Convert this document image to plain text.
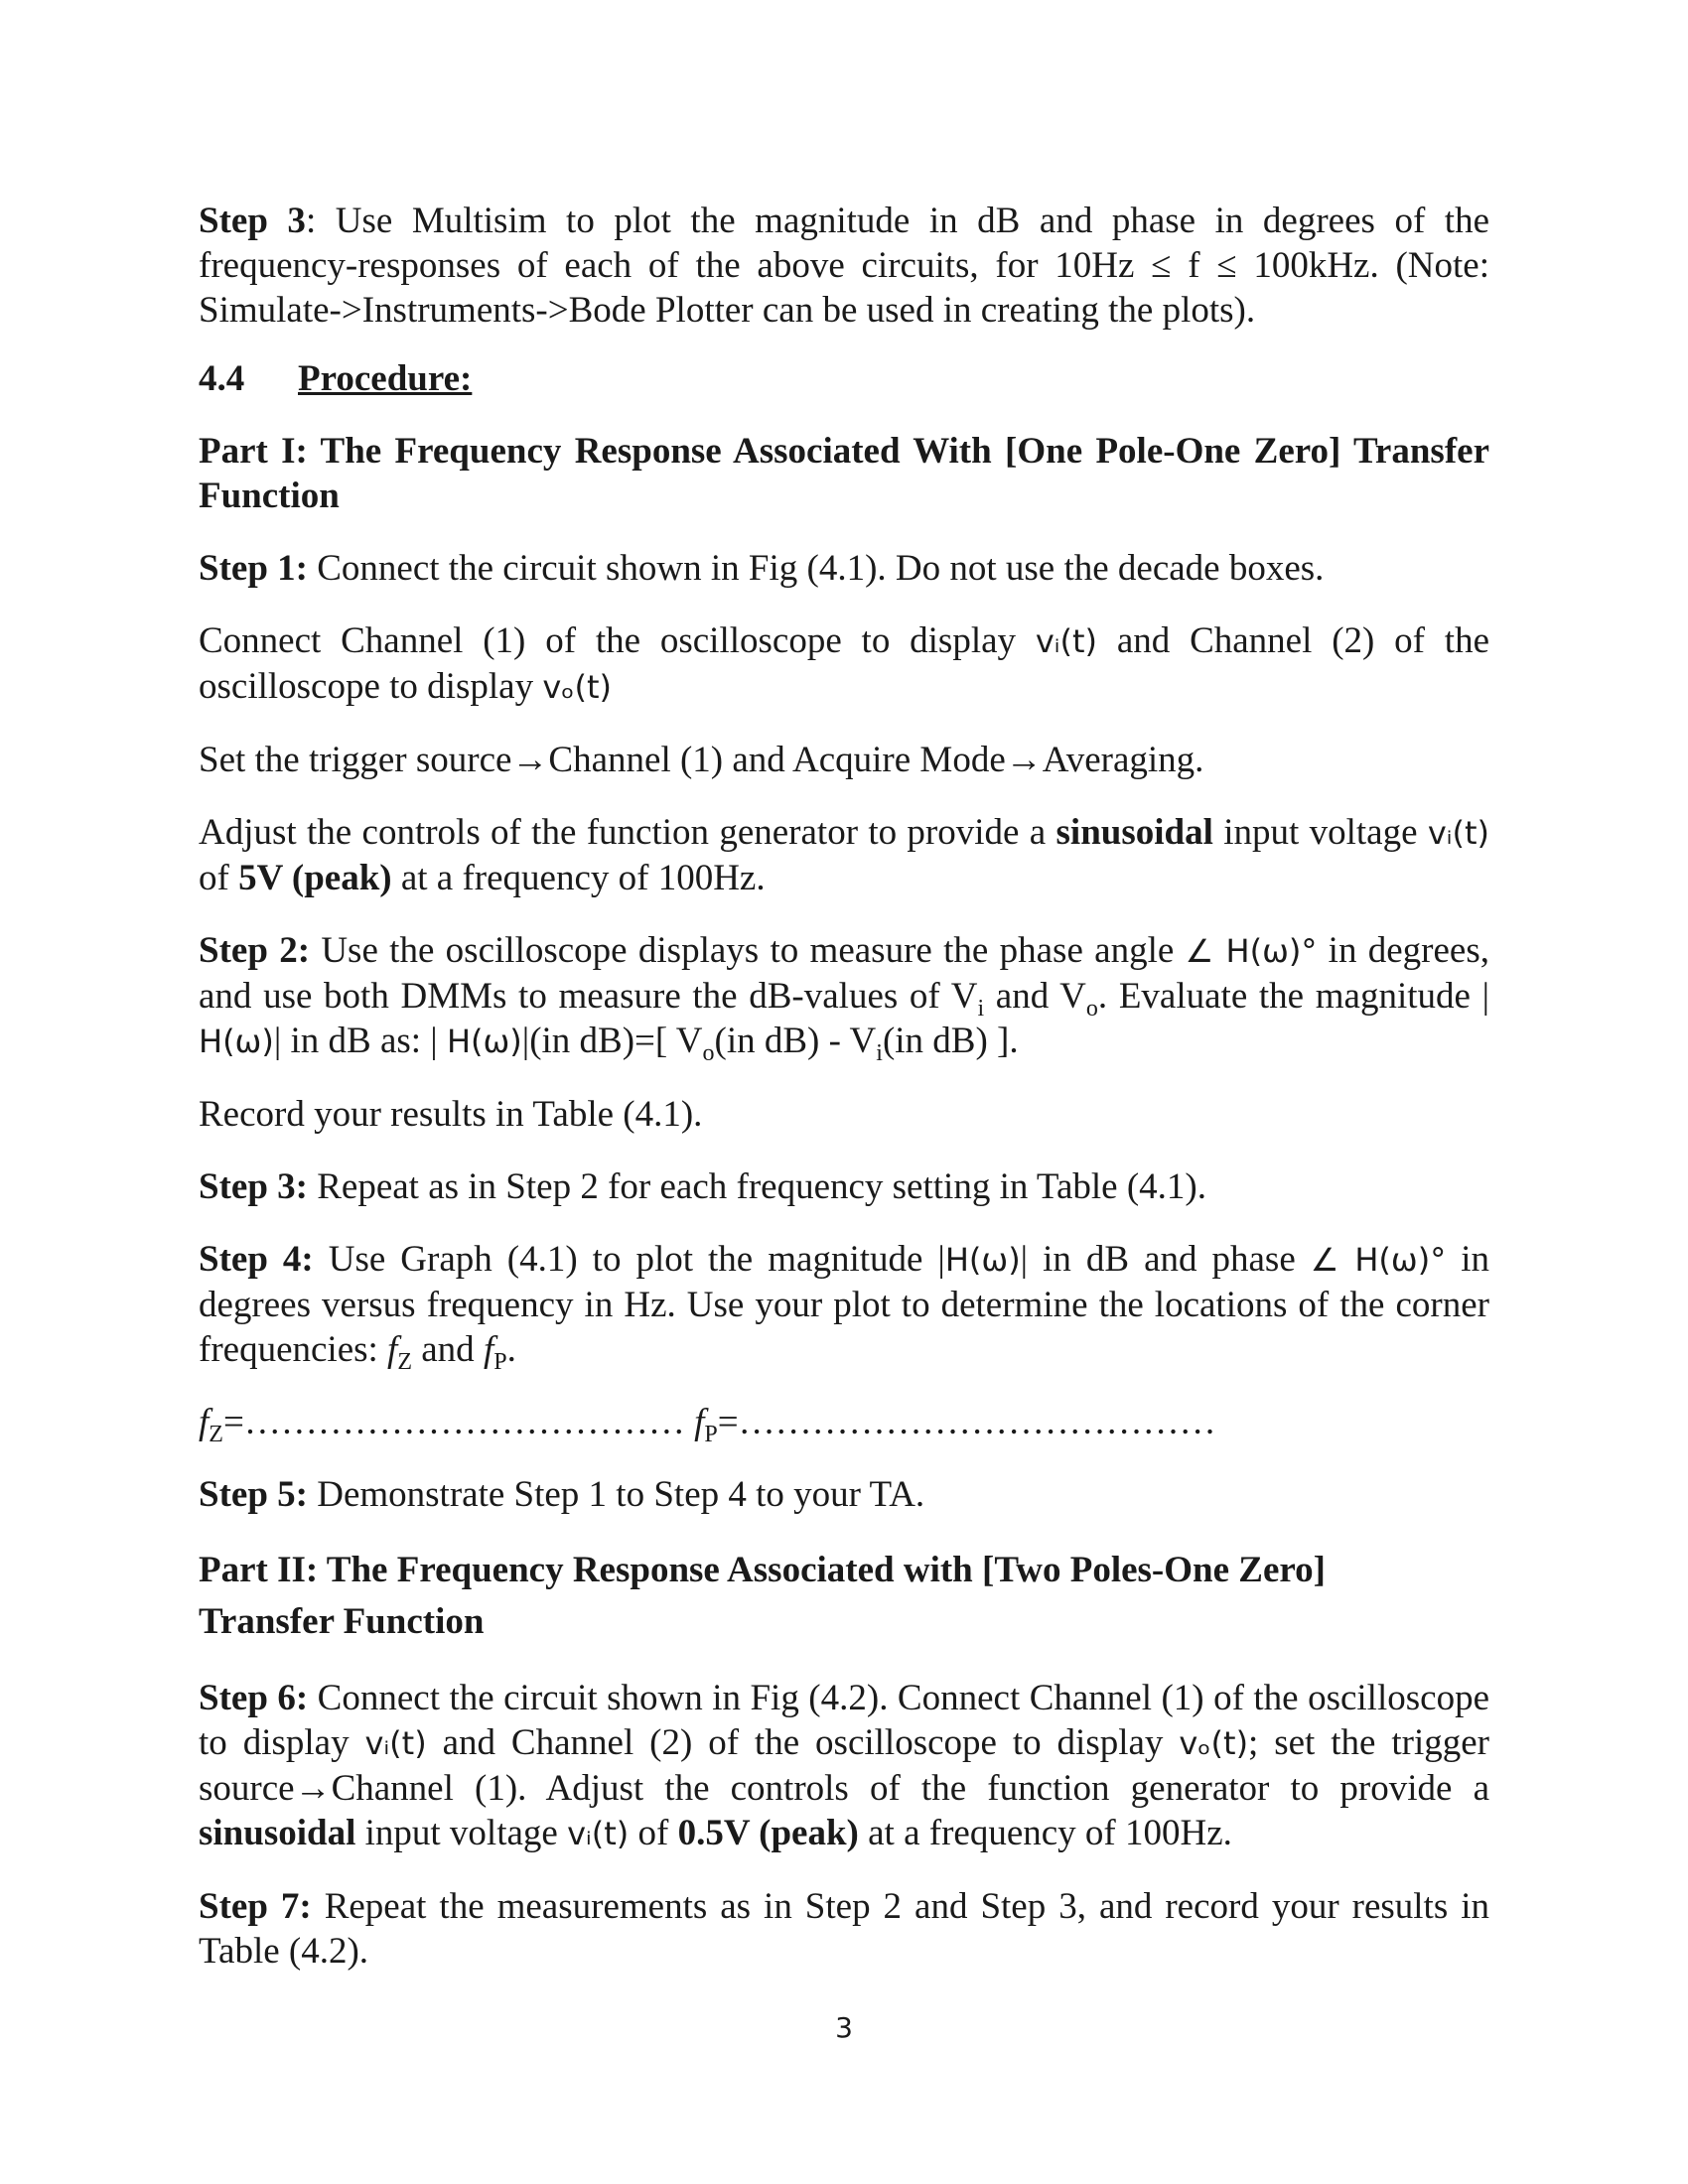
Step 3: Use Multisim to plot the magnitude in dB and phase in degrees of the frequency-responses of each of the above circuits, for 10Hz ≤ f ≤ 100kHz. (Note: Simulate->Instruments->Bode Plotter can be used in creating the plots).

4.4	Procedure:

Part I: The Frequency Response Associated With [One Pole-One Zero] Transfer Function

Step 1: Connect the circuit shown in Fig (4.1). Do not use the decade boxes.

Connect Channel (1) of the oscilloscope to display vᵢ(t) and Channel (2) of the oscilloscope to display vₒ(t)

Set the trigger source→Channel (1) and Acquire Mode→Averaging.

Adjust the controls of the function generator to provide a sinusoidal input voltage vᵢ(t) of 5V (peak) at a frequency of 100Hz.

Step 2: Use the oscilloscope displays to measure the phase angle ∠ H(ω)° in degrees, and use both DMMs to measure the dB-values of $V_i$ and $V_o$. Evaluate the magnitude | H(ω)| in dB as: | H(ω)|(in dB)=[ $V_o(in$ $dB) - V_i(in$ dB) ].

Record your results in Table (4.1).

Step 3: Repeat as in Step 2 for each frequency setting in Table (4.1).

Step 4: Use Graph (4.1) to plot the magnitude |H(ω)| in dB and phase ∠ H(ω)° in degrees versus frequency in Hz. Use your plot to determine the locations of the corner frequencies: $f_Z$ and $f_P$.

$f_Z=\dots\dots\dots\dots\dots\dots\dots\dots\dots\dots\dots\dots$ $f_P=\dots\dots\dots\dots\dots\dots\dots\dots\dots\dots\dots\dots\dots$

Step 5: Demonstrate Step 1 to Step 4 to your TA.

Part II: The Frequency Response Associated with [Two Poles-One Zero]
Transfer Function

Step 6: Connect the circuit shown in Fig (4.2). Connect Channel (1) of the oscilloscope to display vᵢ(t) and Channel (2) of the oscilloscope to display vₒ(t); set the trigger source→Channel (1). Adjust the controls of the function generator to provide a sinusoidal input voltage vᵢ(t) of 0.5V (peak) at a frequency of 100Hz.

Step 7: Repeat the measurements as in Step 2 and Step 3, and record your results in Table (4.2).

3
